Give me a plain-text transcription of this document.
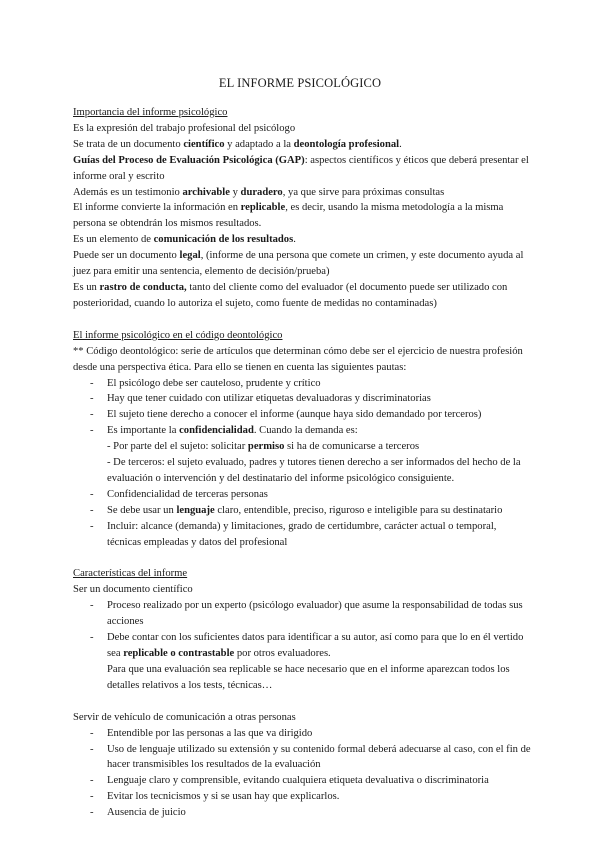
EL INFORME PSICOLÓGICO

Importancia del informe psicológico

Es la expresión del trabajo profesional del psicólogo

Se trata de un documento científico y adaptado a la deontología profesional.

Guías del Proceso de Evaluación Psicológica (GAP): aspectos científicos y éticos que deberá presentar el informe oral y escrito

Además es un testimonio archivable y duradero, ya que sirve para próximas consultas

El informe convierte la información en replicable, es decir, usando la misma metodología a la misma persona se obtendrán los mismos resultados.

Es un elemento de comunicación de los resultados.

Puede ser un documento legal, (informe de una persona que comete un crimen, y este documento ayuda al juez para emitir una sentencia, elemento de decisión/prueba)

Es un rastro de conducta, tanto del cliente como del evaluador (el documento puede ser utilizado con posterioridad, cuando lo autoriza el sujeto, como fuente de medidas no contaminadas)

El informe psicológico en el código deontológico

** Código deontológico: serie de artículos que determinan cómo debe ser el ejercicio de nuestra profesión desde una perspectiva ética. Para ello se tienen en cuenta las siguientes pautas:

- El psicólogo debe ser cauteloso, prudente y crítico
- Hay que tener cuidado con utilizar etiquetas devaluadoras y discriminatorias
- El sujeto tiene derecho a conocer el informe (aunque haya sido demandado por terceros)
- Es importante la confidencialidad. Cuando la demanda es:
- Por parte del el sujeto: solicitar permiso si ha de comunicarse a terceros
- De terceros: el sujeto evaluado, padres y tutores tienen derecho a ser informados del hecho de la evaluación o intervención y del destinatario del informe psicológico consiguiente.
- Confidencialidad de terceras personas
- Se debe usar un lenguaje claro, entendible, preciso, riguroso e inteligible para su destinatario
- Incluir: alcance (demanda) y limitaciones, grado de certidumbre, carácter actual o temporal, técnicas empleadas y datos del profesional

Características del informe

Ser un documento científico

- Proceso realizado por un experto (psicólogo evaluador) que asume la responsabilidad de todas sus acciones
- Debe contar con los suficientes datos para identificar a su autor, así como para que lo en él vertido sea replicable o contrastable por otros evaluadores.
Para que una evaluación sea replicable se hace necesario que en el informe aparezcan todos los detalles relativos a los tests, técnicas…

Servir de vehículo de comunicación a otras personas

- Entendible por las personas a las que va dirigido
- Uso de lenguaje utilizado su extensión y su contenido formal deberá adecuarse al caso, con el fin de hacer transmisibles los resultados de la evaluación
- Lenguaje claro y comprensible, evitando cualquiera etiqueta devaluativa o discriminatoria
- Evitar los tecnicismos y si se usan hay que explicarlos.
- Ausencia de juicio
